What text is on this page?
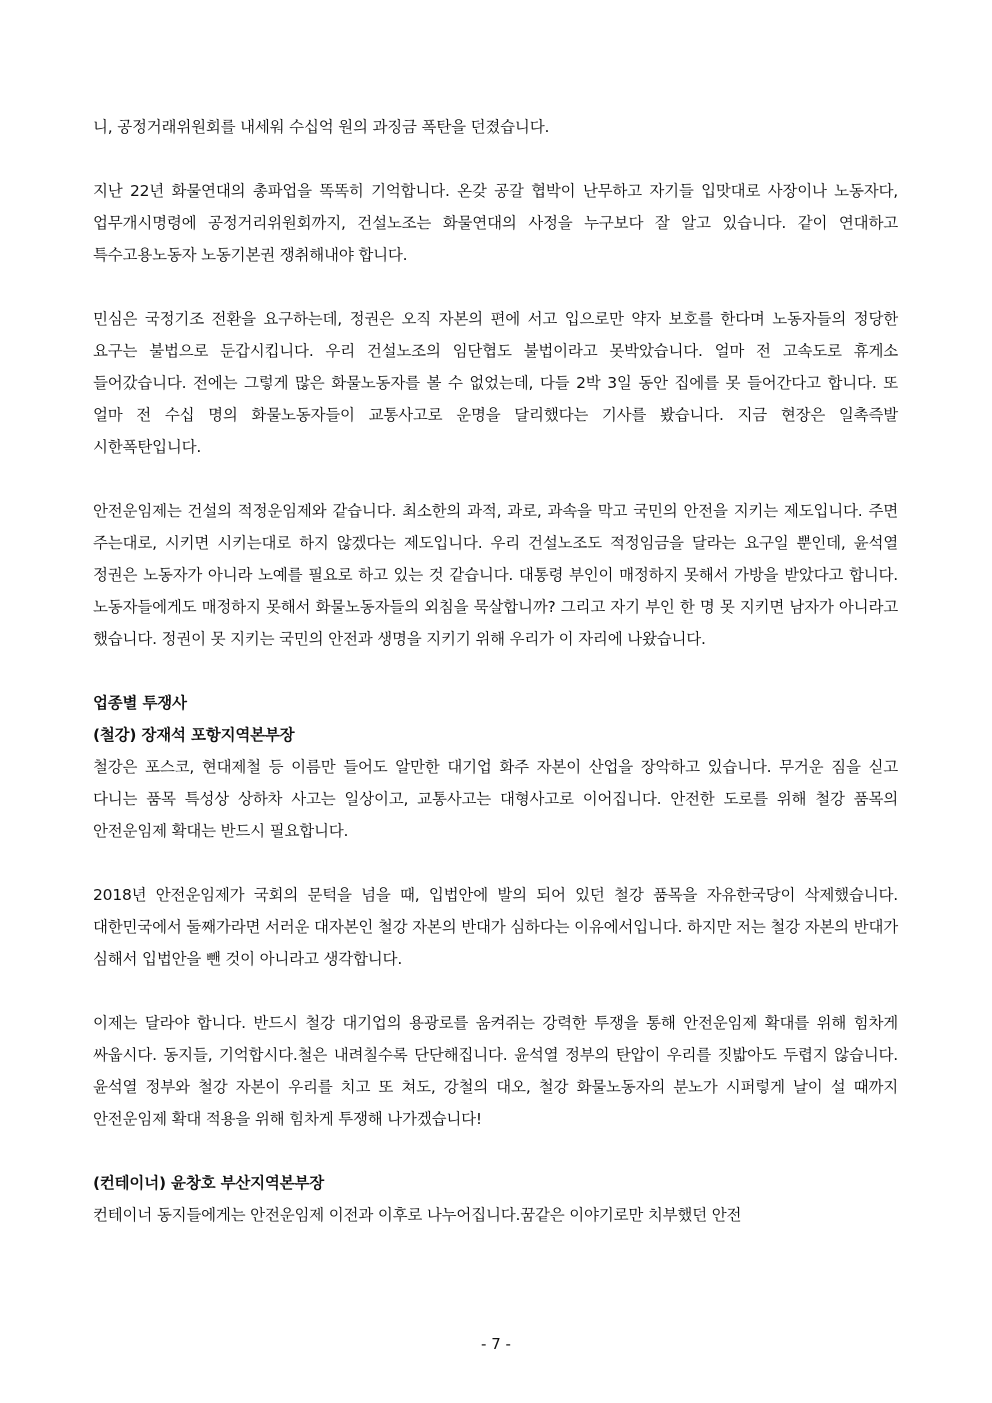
니, 공정거래위원회를 내세워 수십억 원의 과징금 폭탄을 던졌습니다.

지난 22년 화물연대의 총파업을 똑똑히 기억합니다. 온갖 공갈 협박이 난무하고 자기들 입맛대로 사장이나 노동자다, 업무개시명령에 공정거리위원회까지, 건설노조는 화물연대의 사정을 누구보다 잘 알고 있습니다. 같이 연대하고 특수고용노동자 노동기본권 쟁취해내야 합니다.

민심은 국정기조 전환을 요구하는데, 정권은 오직 자본의 편에 서고 입으로만 약자 보호를 한다며 노동자들의 정당한 요구는 불법으로 둔갑시킵니다. 우리 건설노조의 임단협도 불법이라고 못박았습니다. 얼마 전 고속도로 휴게소 들어갔습니다. 전에는 그렇게 많은 화물노동자를 볼 수 없었는데, 다들 2박 3일 동안 집에를 못 들어간다고 합니다. 또 얼마 전 수십 명의 화물노동자들이 교통사고로 운명을 달리했다는 기사를 봤습니다. 지금 현장은 일촉즉발 시한폭탄입니다.

안전운임제는 건설의 적정운임제와 같습니다. 최소한의 과적, 과로, 과속을 막고 국민의 안전을 지키는 제도입니다. 주면 주는대로, 시키면 시키는대로 하지 않겠다는 제도입니다. 우리 건설노조도 적정임금을 달라는 요구일 뿐인데, 윤석열 정권은 노동자가 아니라 노예를 필요로 하고 있는 것 같습니다. 대통령 부인이 매정하지 못해서 가방을 받았다고 합니다. 노동자들에게도 매정하지 못해서 화물노동자들의 외침을 묵살합니까? 그리고 자기 부인 한 명 못 지키면 남자가 아니라고 했습니다. 정권이 못 지키는 국민의 안전과 생명을 지키기 위해 우리가 이 자리에 나왔습니다.

업종별 투쟁사

(철강) 장재석 포항지역본부장

철강은 포스코, 현대제철 등 이름만 들어도 알만한 대기업 화주 자본이 산업을 장악하고 있습니다. 무거운 짐을 싣고 다니는 품목 특성상 상하차 사고는 일상이고, 교통사고는 대형사고로 이어집니다. 안전한 도로를 위해 철강 품목의 안전운임제 확대는 반드시 필요합니다.

2018년 안전운임제가 국회의 문턱을 넘을 때, 입법안에 발의 되어 있던 철강 품목을 자유한국당이 삭제했습니다. 대한민국에서 둘째가라면 서러운 대자본인 철강 자본의 반대가 심하다는 이유에서입니다. 하지만 저는 철강 자본의 반대가 심해서 입법안을 뺀 것이 아니라고 생각합니다.

이제는 달라야 합니다. 반드시 철강 대기업의 용광로를 움켜쥐는 강력한 투쟁을 통해 안전운임제 확대를 위해 힘차게 싸웁시다. 동지들, 기억합시다.철은 내려칠수록 단단해집니다. 윤석열 정부의 탄압이 우리를 짓밟아도 두렵지 않습니다. 윤석열 정부와 철강 자본이 우리를 치고 또 쳐도, 강철의 대오, 철강 화물노동자의 분노가 시퍼렇게 날이 설 때까지 안전운임제 확대 적용을 위해 힘차게 투쟁해 나가겠습니다!

(컨테이너) 윤창호 부산지역본부장

컨테이너 동지들에게는 안전운임제 이전과 이후로 나누어집니다.꿈같은 이야기로만 치부했던 안전

- 7 -
